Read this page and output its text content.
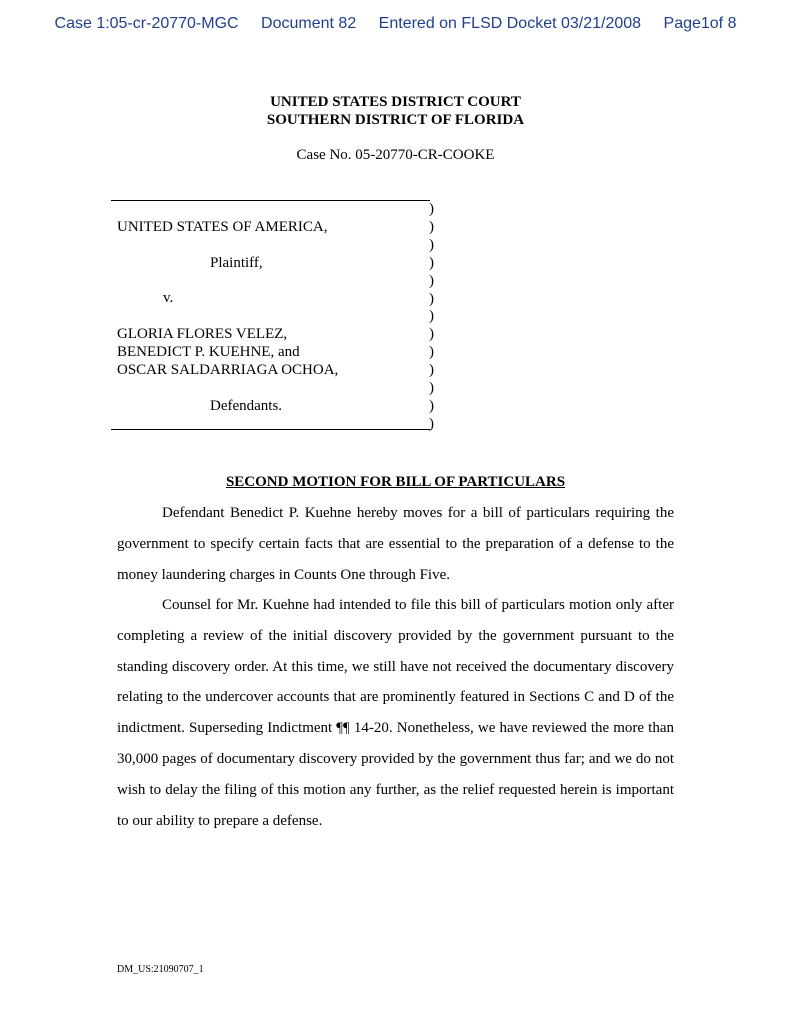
Case 1:05-cr-20770-MGC Document 82 Entered on FLSD Docket 03/21/2008 Page1of 8
UNITED STATES DISTRICT COURT
SOUTHERN DISTRICT OF FLORIDA
Case No. 05-20770-CR-COOKE
UNITED STATES OF AMERICA,
Plaintiff,
v.
GLORIA FLORES VELEZ,
BENEDICT P. KUEHNE, and
OSCAR SALDARRIAGA OCHOA,
Defendants.
)
)
)
)
)
)
)
)
)
)
)
)
)
SECOND MOTION FOR BILL OF PARTICULARS

Defendant Benedict P. Kuehne hereby moves for a bill of particulars requiring the government to specify certain facts that are essential to the preparation of a defense to the money laundering charges in Counts One through Five.

Counsel for Mr. Kuehne had intended to file this bill of particulars motion only after completing a review of the initial discovery provided by the government pursuant to the standing discovery order. At this time, we still have not received the documentary discovery relating to the undercover accounts that are prominently featured in Sections C and D of the indictment. Superseding Indictment ¶¶ 14-20. Nonetheless, we have reviewed the more than 30,000 pages of documentary discovery provided by the government thus far; and we do not wish to delay the filing of this motion any further, as the relief requested herein is important to our ability to prepare a defense.

DM_US:21090707_1
